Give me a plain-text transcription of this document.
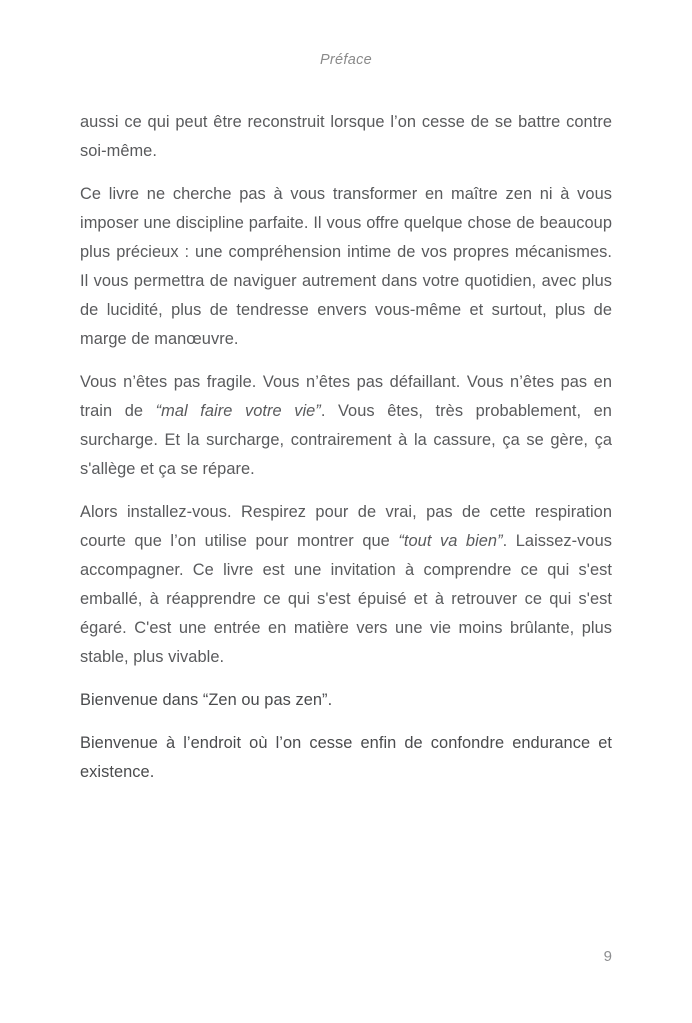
Préface

aussi ce qui peut être reconstruit lorsque l’on cesse de se battre contre soi-même.

Ce livre ne cherche pas à vous transformer en maître zen ni à vous imposer une discipline parfaite. Il vous offre quelque chose de beaucoup plus précieux : une compréhension intime de vos propres mécanismes. Il vous permettra de naviguer autrement dans votre quotidien, avec plus de lucidité, plus de tendresse envers vous-même et surtout, plus de marge de manœuvre.

Vous n’êtes pas fragile. Vous n’êtes pas défaillant. Vous n’êtes pas en train de “mal faire votre vie”. Vous êtes, très probablement, en surcharge. Et la surcharge, contrairement à la cassure, ça se gère, ça s'allège et ça se répare.

Alors installez-vous. Respirez pour de vrai, pas de cette respiration courte que l’on utilise pour montrer que “tout va bien”. Laissez-vous accompagner. Ce livre est une invitation à comprendre ce qui s'est emballé, à réapprendre ce qui s'est épuisé et à retrouver ce qui s'est égaré. C'est une entrée en matière vers une vie moins brûlante, plus stable, plus vivable.

Bienvenue dans “Zen ou pas zen”.

Bienvenue à l’endroit où l’on cesse enfin de confondre endurance et existence.

9
